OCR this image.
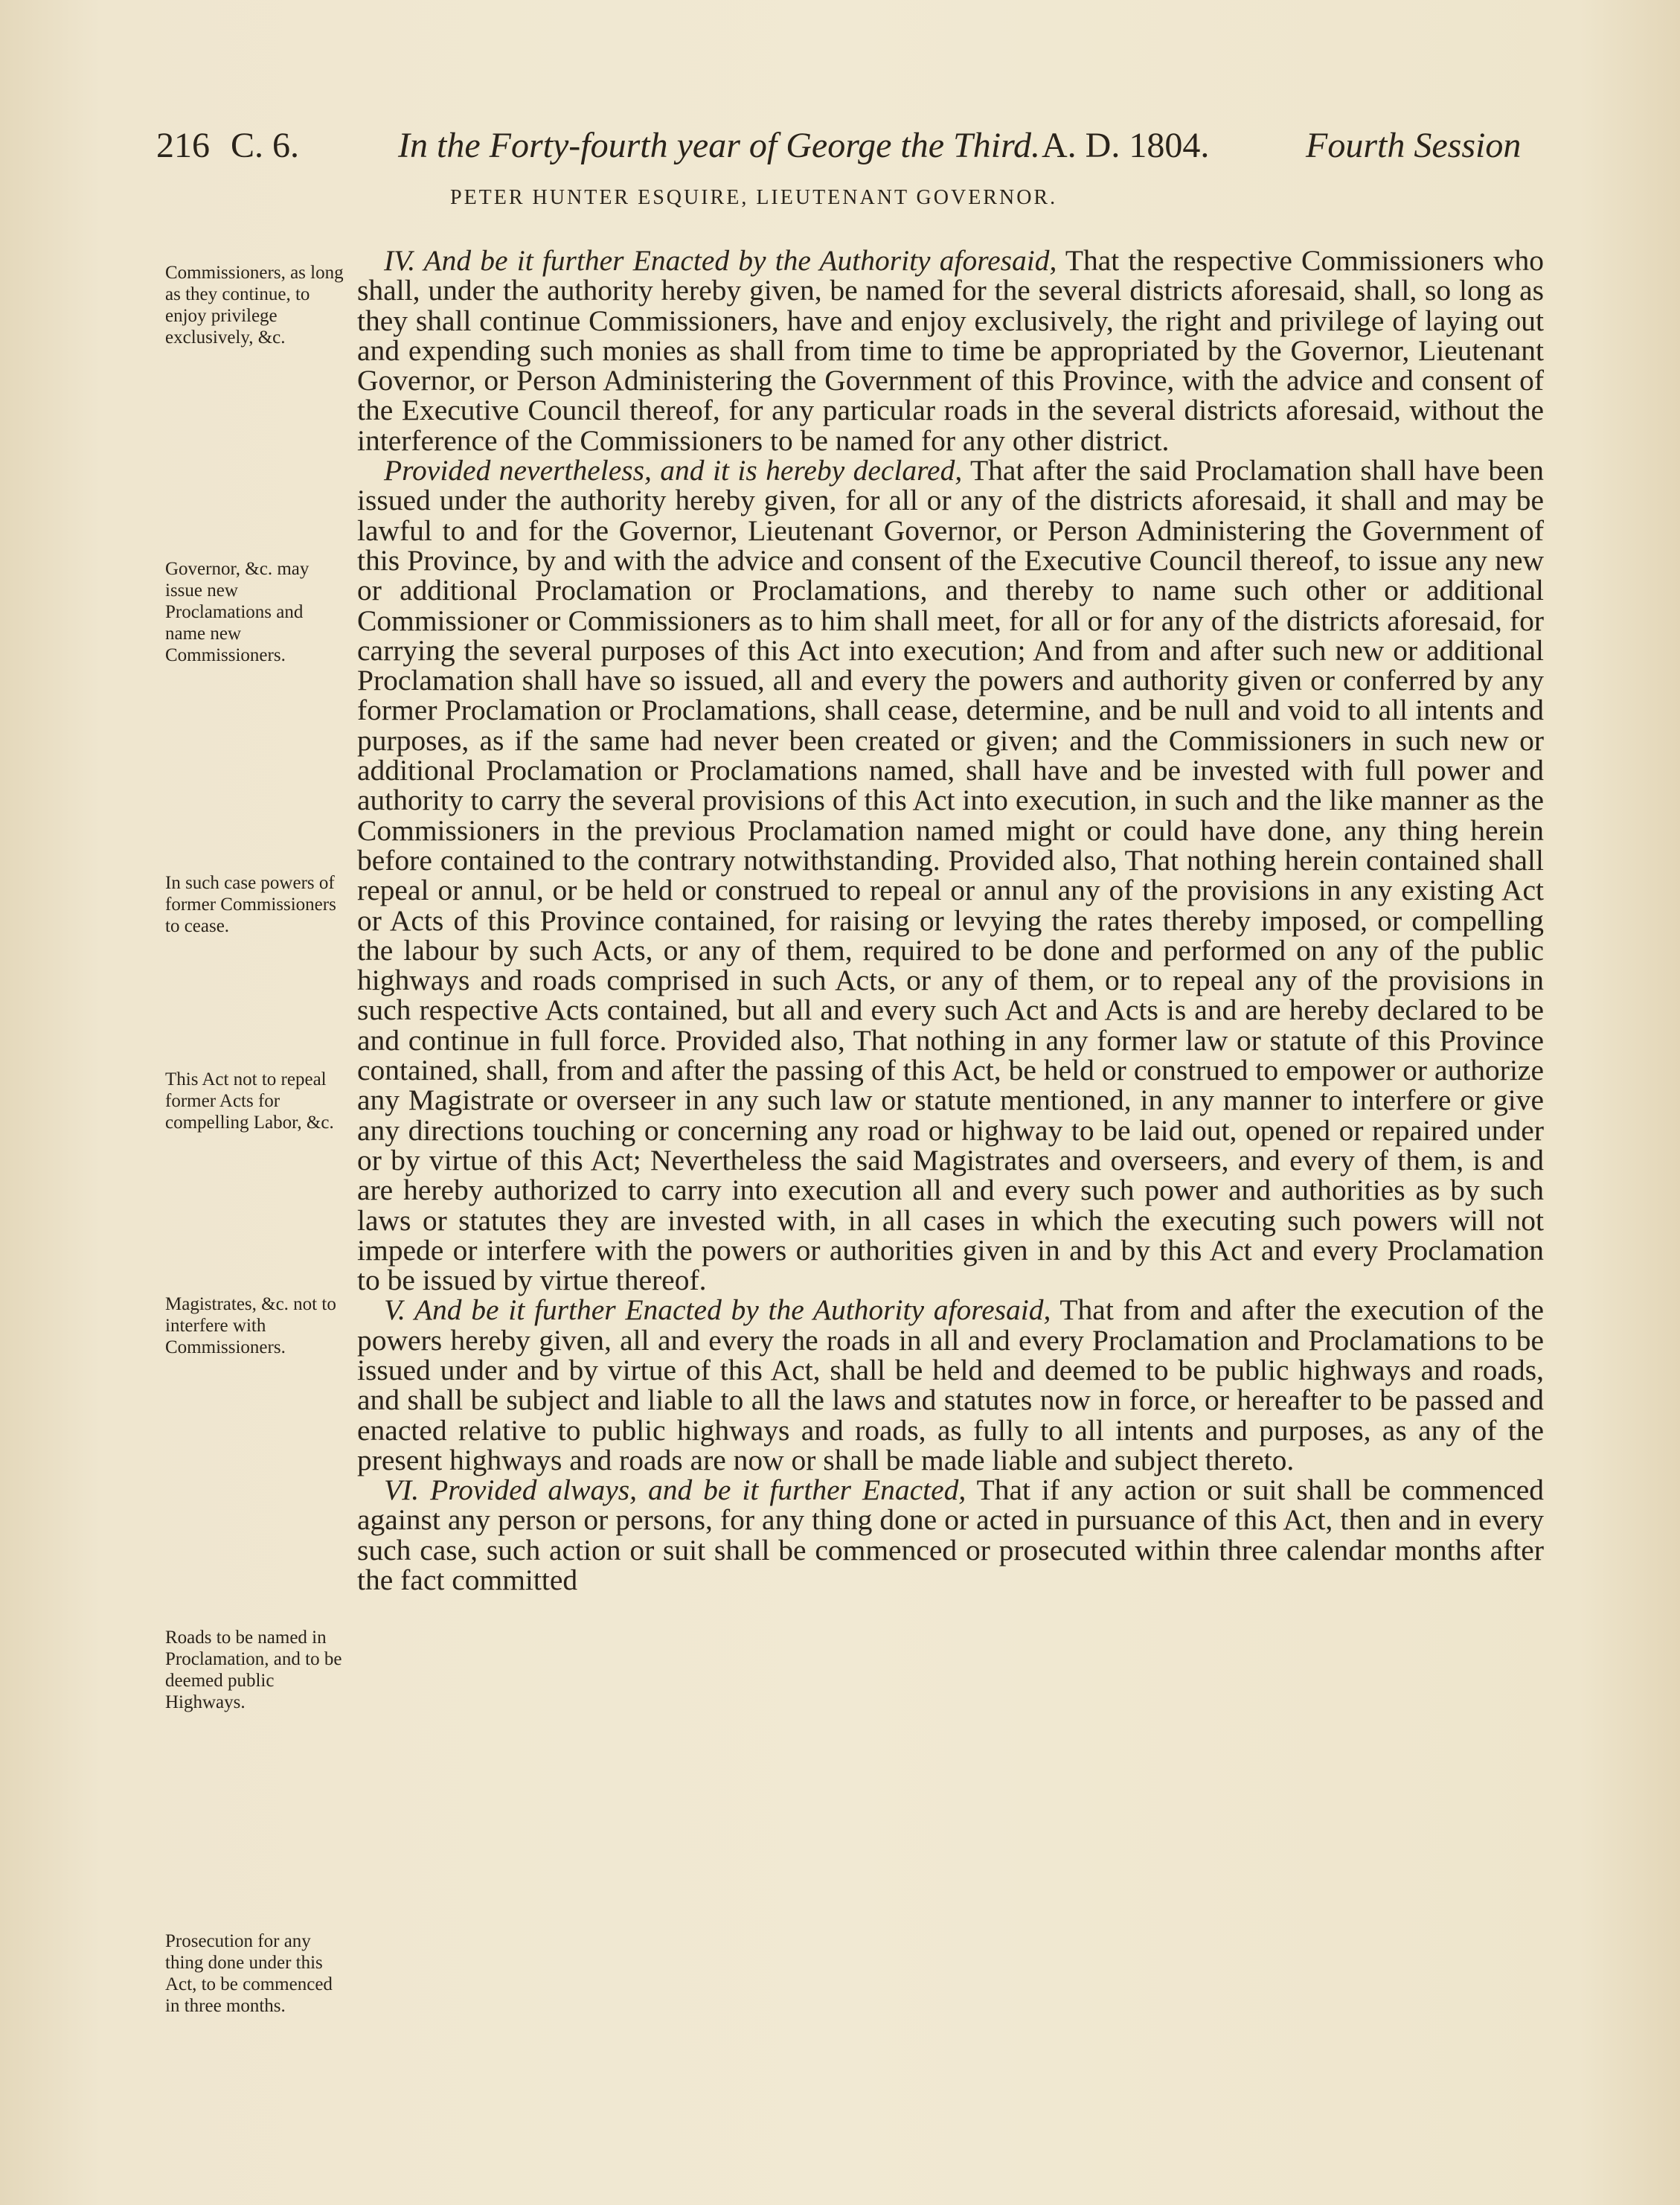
216 C. 6.	In the Forty-fourth year of George the Third. A. D. 1804.	Fourth Session
PETER HUNTER ESQUIRE, LIEUTENANT GOVERNOR.
Commissioners, as long as they continue, to enjoy privilege exclusively, &c.
Governor, &c. may issue new Proclamations and name new Commissioners.
In such case powers of former Commissioners to cease.
This Act not to repeal former Acts for compelling Labor, &c.
Magistrates, &c. not to interfere with Commissioners.
Roads to be named in Proclamation, and to be deemed public Highways.
Prosecution for any thing done under this Act, to be commenced in three months.

IV. And be it further Enacted by the Authority aforesaid, That the respective Commissioners who shall, under the authority hereby given, be named for the several districts aforesaid, shall, so long as they shall continue Commissioners, have and enjoy exclusively, the right and privilege of laying out and expending such monies as shall from time to time be appropriated by the Governor, Lieutenant Governor, or Person Administering the Government of this Province, with the advice and consent of the Executive Council thereof, for any particular roads in the several districts aforesaid, without the interference of the Commissioners to be named for any other district.

Provided nevertheless, and it is hereby declared, That after the said Proclamation shall have been issued under the authority hereby given, for all or any of the districts aforesaid, it shall and may be lawful to and for the Governor, Lieutenant Governor, or Person Administering the Government of this Province, by and with the advice and consent of the Executive Council thereof, to issue any new or additional Proclamation or Proclamations, and thereby to name such other or additional Commissioner or Commissioners as to him shall meet, for all or for any of the districts aforesaid, for carrying the several purposes of this Act into execution; And from and after such new or additional Proclamation shall have so issued, all and every the powers and authority given or conferred by any former Proclamation or Proclamations, shall cease, determine, and be null and void to all intents and purposes, as if the same had never been created or given; and the Commissioners in such new or additional Proclamation or Proclamations named, shall have and be invested with full power and authority to carry the several provisions of this Act into execution, in such and the like manner as the Commissioners in the previous Proclamation named might or could have done, any thing herein before contained to the contrary notwithstanding. Provided also, That nothing herein contained shall repeal or annul, or be held or construed to repeal or annul any of the provisions in any existing Act or Acts of this Province contained, for raising or levying the rates thereby imposed, or compelling the labour by such Acts, or any of them, required to be done and performed on any of the public highways and roads comprised in such Acts, or any of them, or to repeal any of the provisions in such respective Acts contained, but all and every such Act and Acts is and are hereby declared to be and continue in full force. Provided also, That nothing in any former law or statute of this Province contained, shall, from and after the passing of this Act, be held or construed to empower or authorize any Magistrate or overseer in any such law or statute mentioned, in any manner to interfere or give any directions touching or concerning any road or highway to be laid out, opened or repaired under or by virtue of this Act; Nevertheless the said Magistrates and overseers, and every of them, is and are hereby authorized to carry into execution all and every such power and authorities as by such laws or statutes they are invested with, in all cases in which the executing such powers will not impede or interfere with the powers or authorities given in and by this Act and every Proclamation to be issued by virtue thereof.

V. And be it further Enacted by the Authority aforesaid, That from and after the execution of the powers hereby given, all and every the roads in all and every Proclamation and Proclamations to be issued under and by virtue of this Act, shall be held and deemed to be public highways and roads, and shall be subject and liable to all the laws and statutes now in force, or hereafter to be passed and enacted relative to public highways and roads, as fully to all intents and purposes, as any of the present highways and roads are now or shall be made liable and subject thereto.

VI. Provided always, and be it further Enacted, That if any action or suit shall be commenced against any person or persons, for any thing done or acted in pursuance of this Act, then and in every such case, such action or suit shall be commenced or prosecuted within three calendar months after the fact committed
